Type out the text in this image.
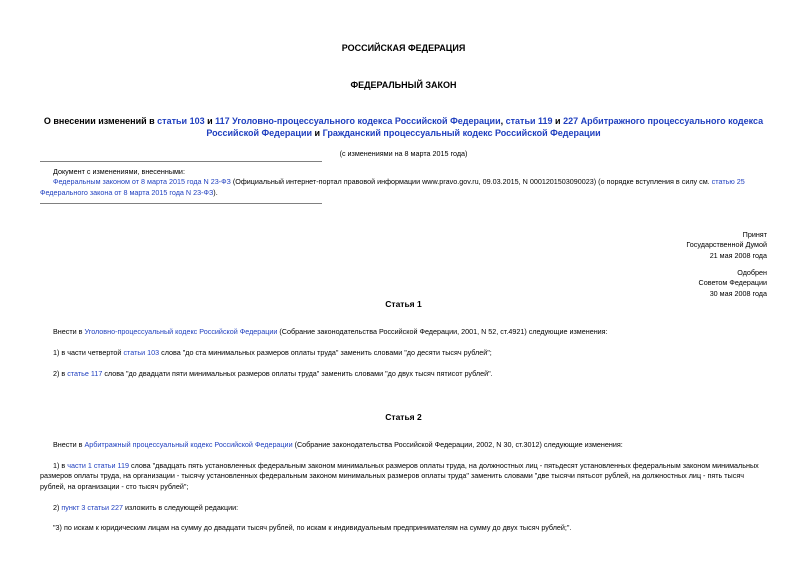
РОССИЙСКАЯ ФЕДЕРАЦИЯ
ФЕДЕРАЛЬНЫЙ ЗАКОН
О внесении изменений в статьи 103 и 117 Уголовно-процессуального кодекса Российской Федерации, статьи 119 и 227 Арбитражного процессуального кодекса Российской Федерации и Гражданский процессуальный кодекс Российской Федерации
(с изменениями на 8 марта 2015 года)

Документ с изменениями, внесенными:

Федеральным законом от 8 марта 2015 года N 23-ФЗ (Официальный интернет-портал правовой информации www.pravo.gov.ru, 09.03.2015, N 0001201503090023) (о порядке вступления в силу см. статью 25 Федерального закона от 8 марта 2015 года N 23-ФЗ).

Принят
Государственной Думой
21 мая 2008 года
Одобрен
Советом Федерации
30 мая 2008 года
Статья 1

Внести в Уголовно-процессуальный кодекс Российской Федерации (Собрание законодательства Российской Федерации, 2001, N 52, ст.4921) следующие изменения:

1) в части четвертой статьи 103 слова "до ста минимальных размеров оплаты труда" заменить словами "до десяти тысяч рублей";

2) в статье 117 слова "до двадцати пяти минимальных размеров оплаты труда" заменить словами "до двух тысяч пятисот рублей".

Статья 2

Внести в Арбитражный процессуальный кодекс Российской Федерации (Собрание законодательства Российской Федерации, 2002, N 30, ст.3012) следующие изменения:

1) в части 1 статьи 119 слова "двадцать пять установленных федеральным законом минимальных размеров оплаты труда, на должностных лиц - пятьдесят установленных федеральным законом минимальных размеров оплаты труда, на организации - тысячу установленных федеральным законом минимальных размеров оплаты труда" заменить словами "две тысячи пятьсот рублей, на должностных лиц - пять тысяч рублей, на организации - сто тысяч рублей";

2) пункт 3 статьи 227 изложить в следующей редакции:

"3) по искам к юридическим лицам на сумму до двадцати тысяч рублей, по искам к индивидуальным предпринимателям на сумму до двух тысяч рублей;".
